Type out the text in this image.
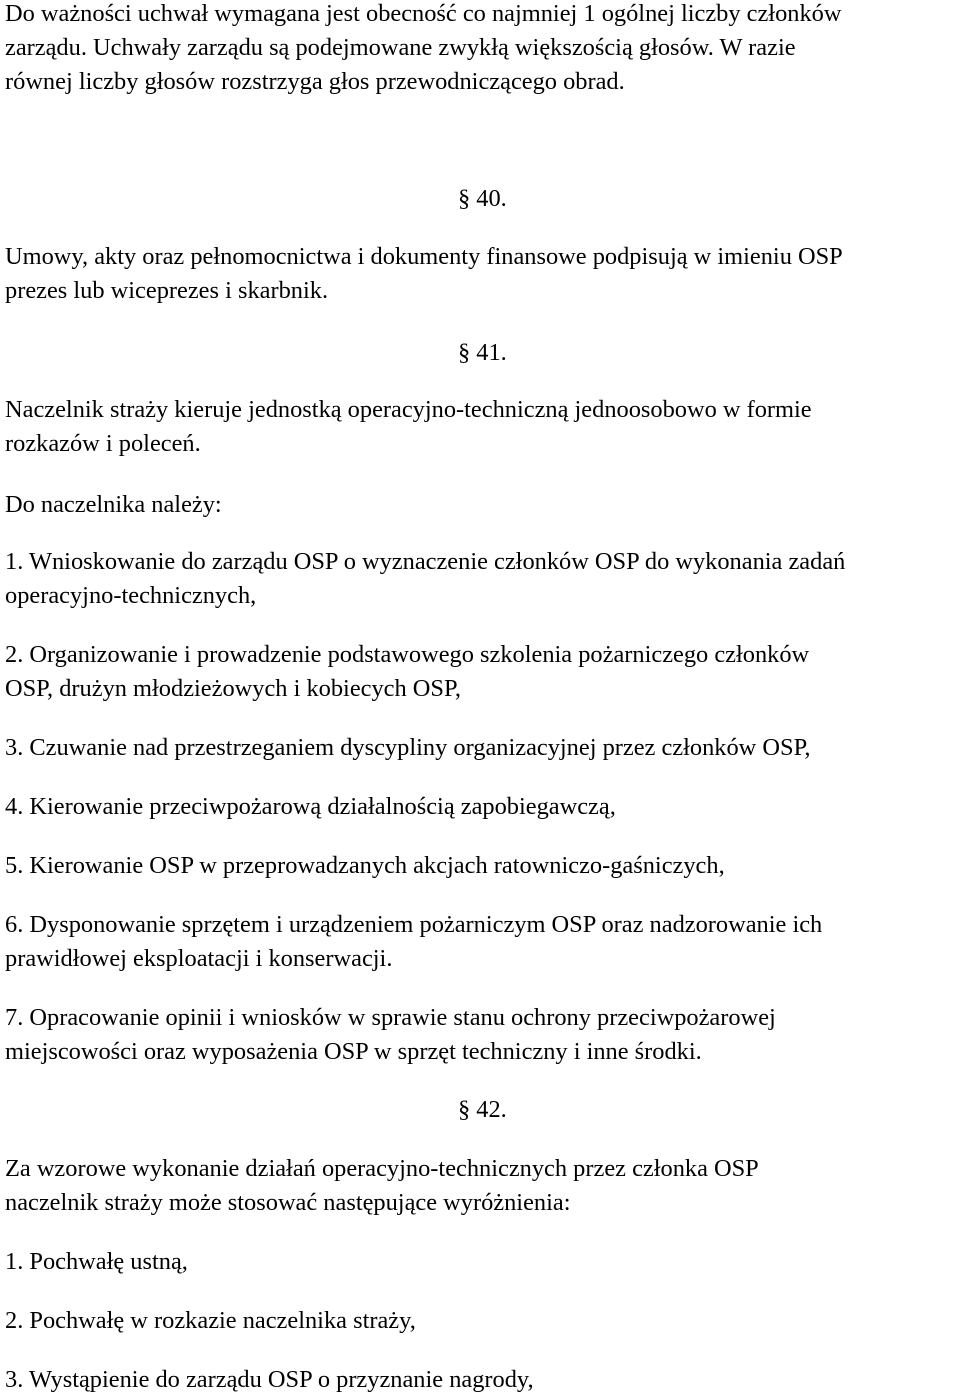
Do ważności uchwał wymagana jest obecność co najmniej 1 ogólnej liczby członków
zarządu. Uchwały zarządu są podejmowane zwykłą większością głosów. W razie
równej liczby głosów rozstrzyga głos przewodniczącego obrad.
§ 40.
Umowy, akty oraz pełnomocnictwa i dokumenty finansowe podpisują w imieniu OSP
prezes lub wiceprezes i skarbnik.
§ 41.
Naczelnik straży kieruje jednostką operacyjno-techniczną jednoosobowo w formie
rozkazów i poleceń.
Do naczelnika należy:
1. Wnioskowanie do zarządu OSP o wyznaczenie członków OSP do wykonania zadań
operacyjno-technicznych,
2. Organizowanie i prowadzenie podstawowego szkolenia pożarniczego członków
OSP, drużyn młodzieżowych i kobiecych OSP,
3. Czuwanie nad przestrzeganiem dyscypliny organizacyjnej przez członków OSP,
4. Kierowanie przeciwpożarową działalnością zapobiegawczą,
5. Kierowanie OSP w przeprowadzanych akcjach ratowniczo-gaśniczych,
6. Dysponowanie sprzętem i urządzeniem pożarniczym OSP oraz nadzorowanie ich
prawidłowej eksploatacji i konserwacji.
7. Opracowanie opinii i wniosków w sprawie stanu ochrony przeciwpożarowej
miejscowości oraz wyposażenia OSP w sprzęt techniczny i inne środki.
§ 42.
Za wzorowe wykonanie działań operacyjno-technicznych przez członka OSP
naczelnik straży może stosować następujące wyróżnienia:
1. Pochwałę ustną,
2. Pochwałę w rozkazie naczelnika straży,
3. Wystąpienie do zarządu OSP o przyznanie nagrody,
